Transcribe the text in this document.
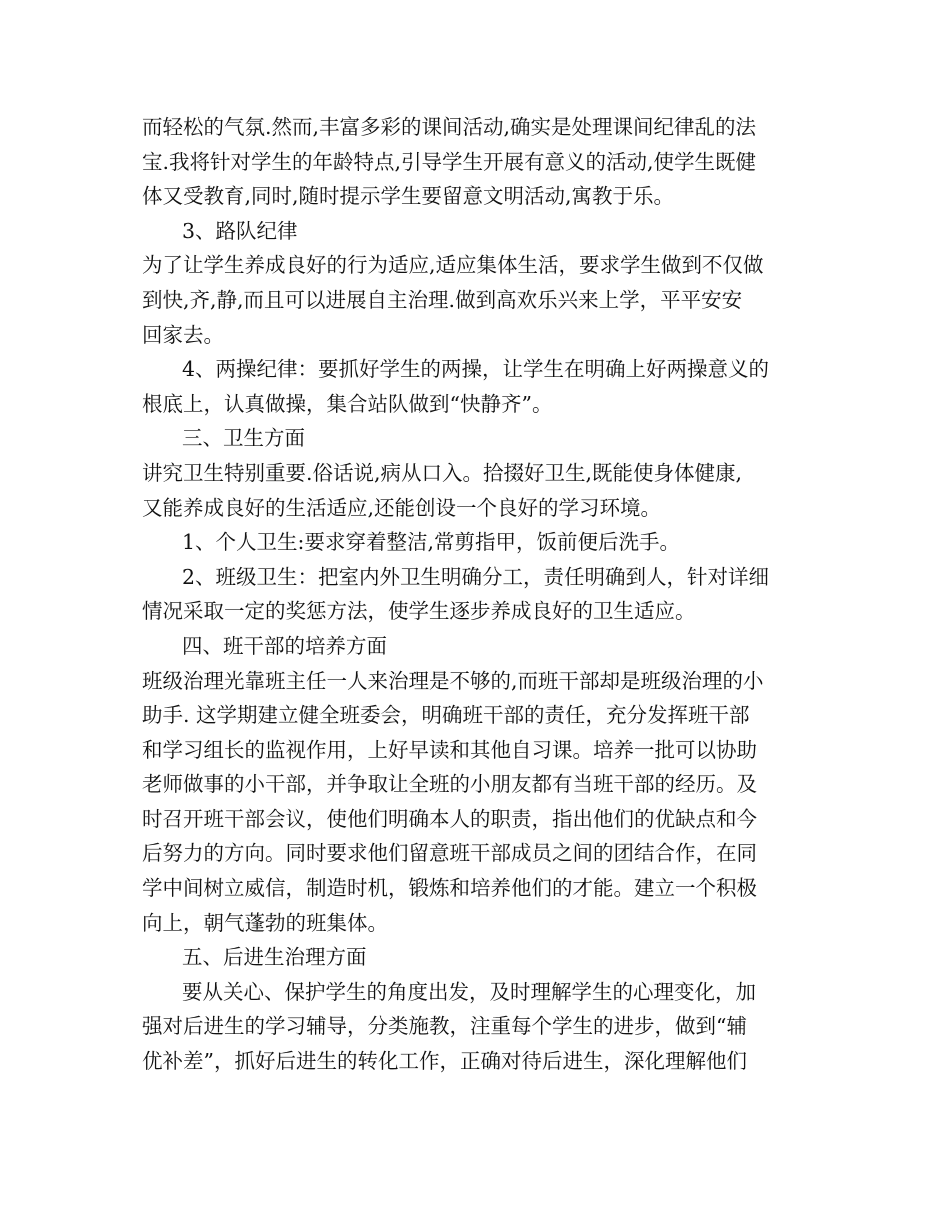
而轻松的气氛.然而,丰富多彩的课间活动,确实是处理课间纪律乱的法
宝.我将针对学生的年龄特点,引导学生开展有意义的活动,使学生既健
体又受教育,同时,随时提示学生要留意文明活动,寓教于乐。
3、路队纪律
为了让学生养成良好的行为适应,适应集体生活，要求学生做到不仅做
到快,齐,静,而且可以进展自主治理.做到高欢乐兴来上学，平平安安
回家去。
4、两操纪律：要抓好学生的两操，让学生在明确上好两操意义的
根底上，认真做操，集合站队做到“快静齐”。
三、卫生方面
讲究卫生特别重要.俗话说,病从口入。拾掇好卫生,既能使身体健康,
又能养成良好的生活适应,还能创设一个良好的学习环境。
1、个人卫生:要求穿着整洁,常剪指甲，饭前便后洗手。
2、班级卫生：把室内外卫生明确分工，责任明确到人，针对详细
情况采取一定的奖惩方法，使学生逐步养成良好的卫生适应。
四、班干部的培养方面
班级治理光靠班主任一人来治理是不够的,而班干部却是班级治理的小
助手. 这学期建立健全班委会，明确班干部的责任，充分发挥班干部
和学习组长的监视作用，上好早读和其他自习课。培养一批可以协助
老师做事的小干部，并争取让全班的小朋友都有当班干部的经历。及
时召开班干部会议，使他们明确本人的职责，指出他们的优缺点和今
后努力的方向。同时要求他们留意班干部成员之间的团结合作，在同
学中间树立威信，制造时机，锻炼和培养他们的才能。建立一个积极
向上，朝气蓬勃的班集体。
五、后进生治理方面
要从关心、保护学生的角度出发，及时理解学生的心理变化，加
强对后进生的学习辅导，分类施教，注重每个学生的进步，做到“辅
优补差”，抓好后进生的转化工作，正确对待后进生，深化理解他们
